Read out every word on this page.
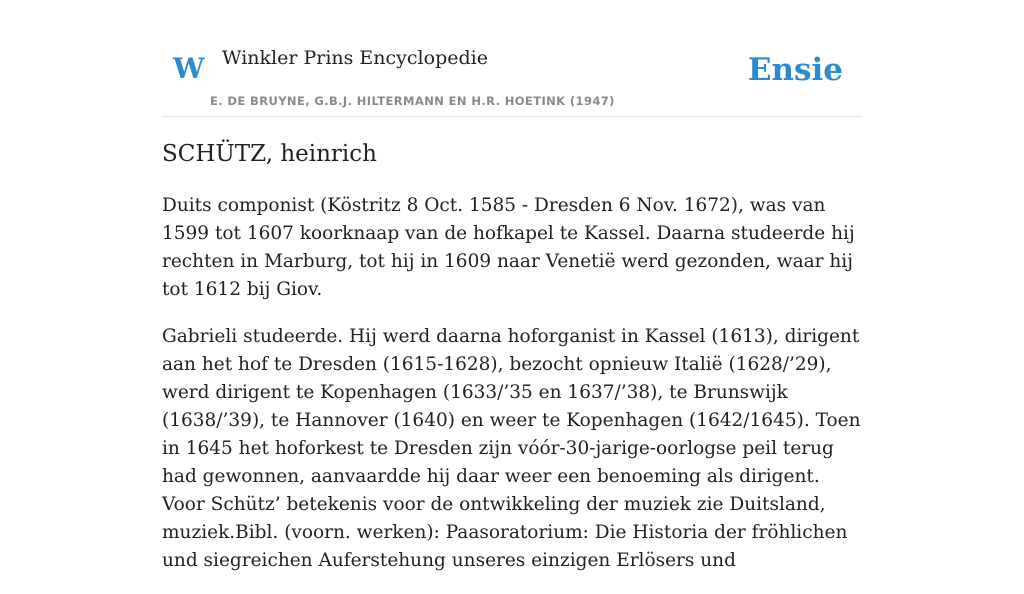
W Winkler Prins Encyclopedie
E. DE BRUYNE, G.B.J. HILTERMANN EN H.R. HOETINK (1947)
Ensie
SCHÜTZ, heinrich

Duits componist (Köstritz 8 Oct. 1585 - Dresden 6 Nov. 1672), was van 1599 tot 1607 koorknaap van de hofkapel te Kassel. Daarna studeerde hij rechten in Marburg, tot hij in 1609 naar Venetië werd gezonden, waar hij tot 1612 bij Giov.

Gabrieli studeerde. Hij werd daarna hoforganist in Kassel (1613), dirigent aan het hof te Dresden (1615-1628), bezocht opnieuw Italië (1628/’29), werd dirigent te Kopenhagen (1633/’35 en 1637/’38), te Brunswijk (1638/’39), te Hannover (1640) en weer te Kopenhagen (1642/1645). Toen in 1645 het hoforkest te Dresden zijn vóór-30-jarige-oorlogse peil terug had gewonnen, aanvaardde hij daar weer een benoeming als dirigent. Voor Schütz’ betekenis voor de ontwikkeling der muziek zie Duitsland, muziek.Bibl. (voorn. werken): Paasoratorium: Die Historia der fröhlichen und siegreichen Auferstehung unseres einzigen Erlösers und
